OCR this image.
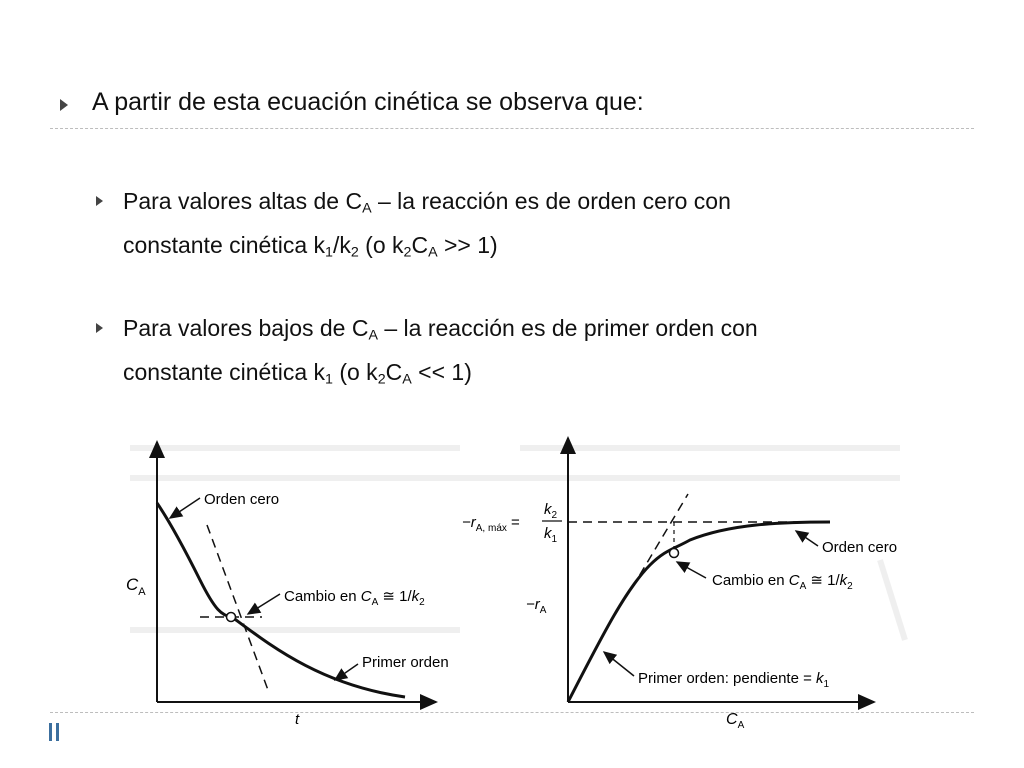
A partir de esta ecuación cinética se observa que:
Para valores altas de $C_A$ – la reacción es de orden cero con
constante cinética $k_1/k_2$ (o $k_2C_A >> 1$)
Para valores bajos de $C_A$ – la reacción es de primer orden con
constante cinética $k_1$ (o $k_2C_A << 1$)
Orden cero
Cambio en $C_A$ ≅ $1/k_2$
Primer orden
$C_A$
t
Orden cero
Cambio en $C_A$ ≅ $1/k_2$
Primer orden: pendiente = $k_1$
$-r_{A, máx}$ =
$k_2$
$k_1$
$-r_A$
$C_A$
